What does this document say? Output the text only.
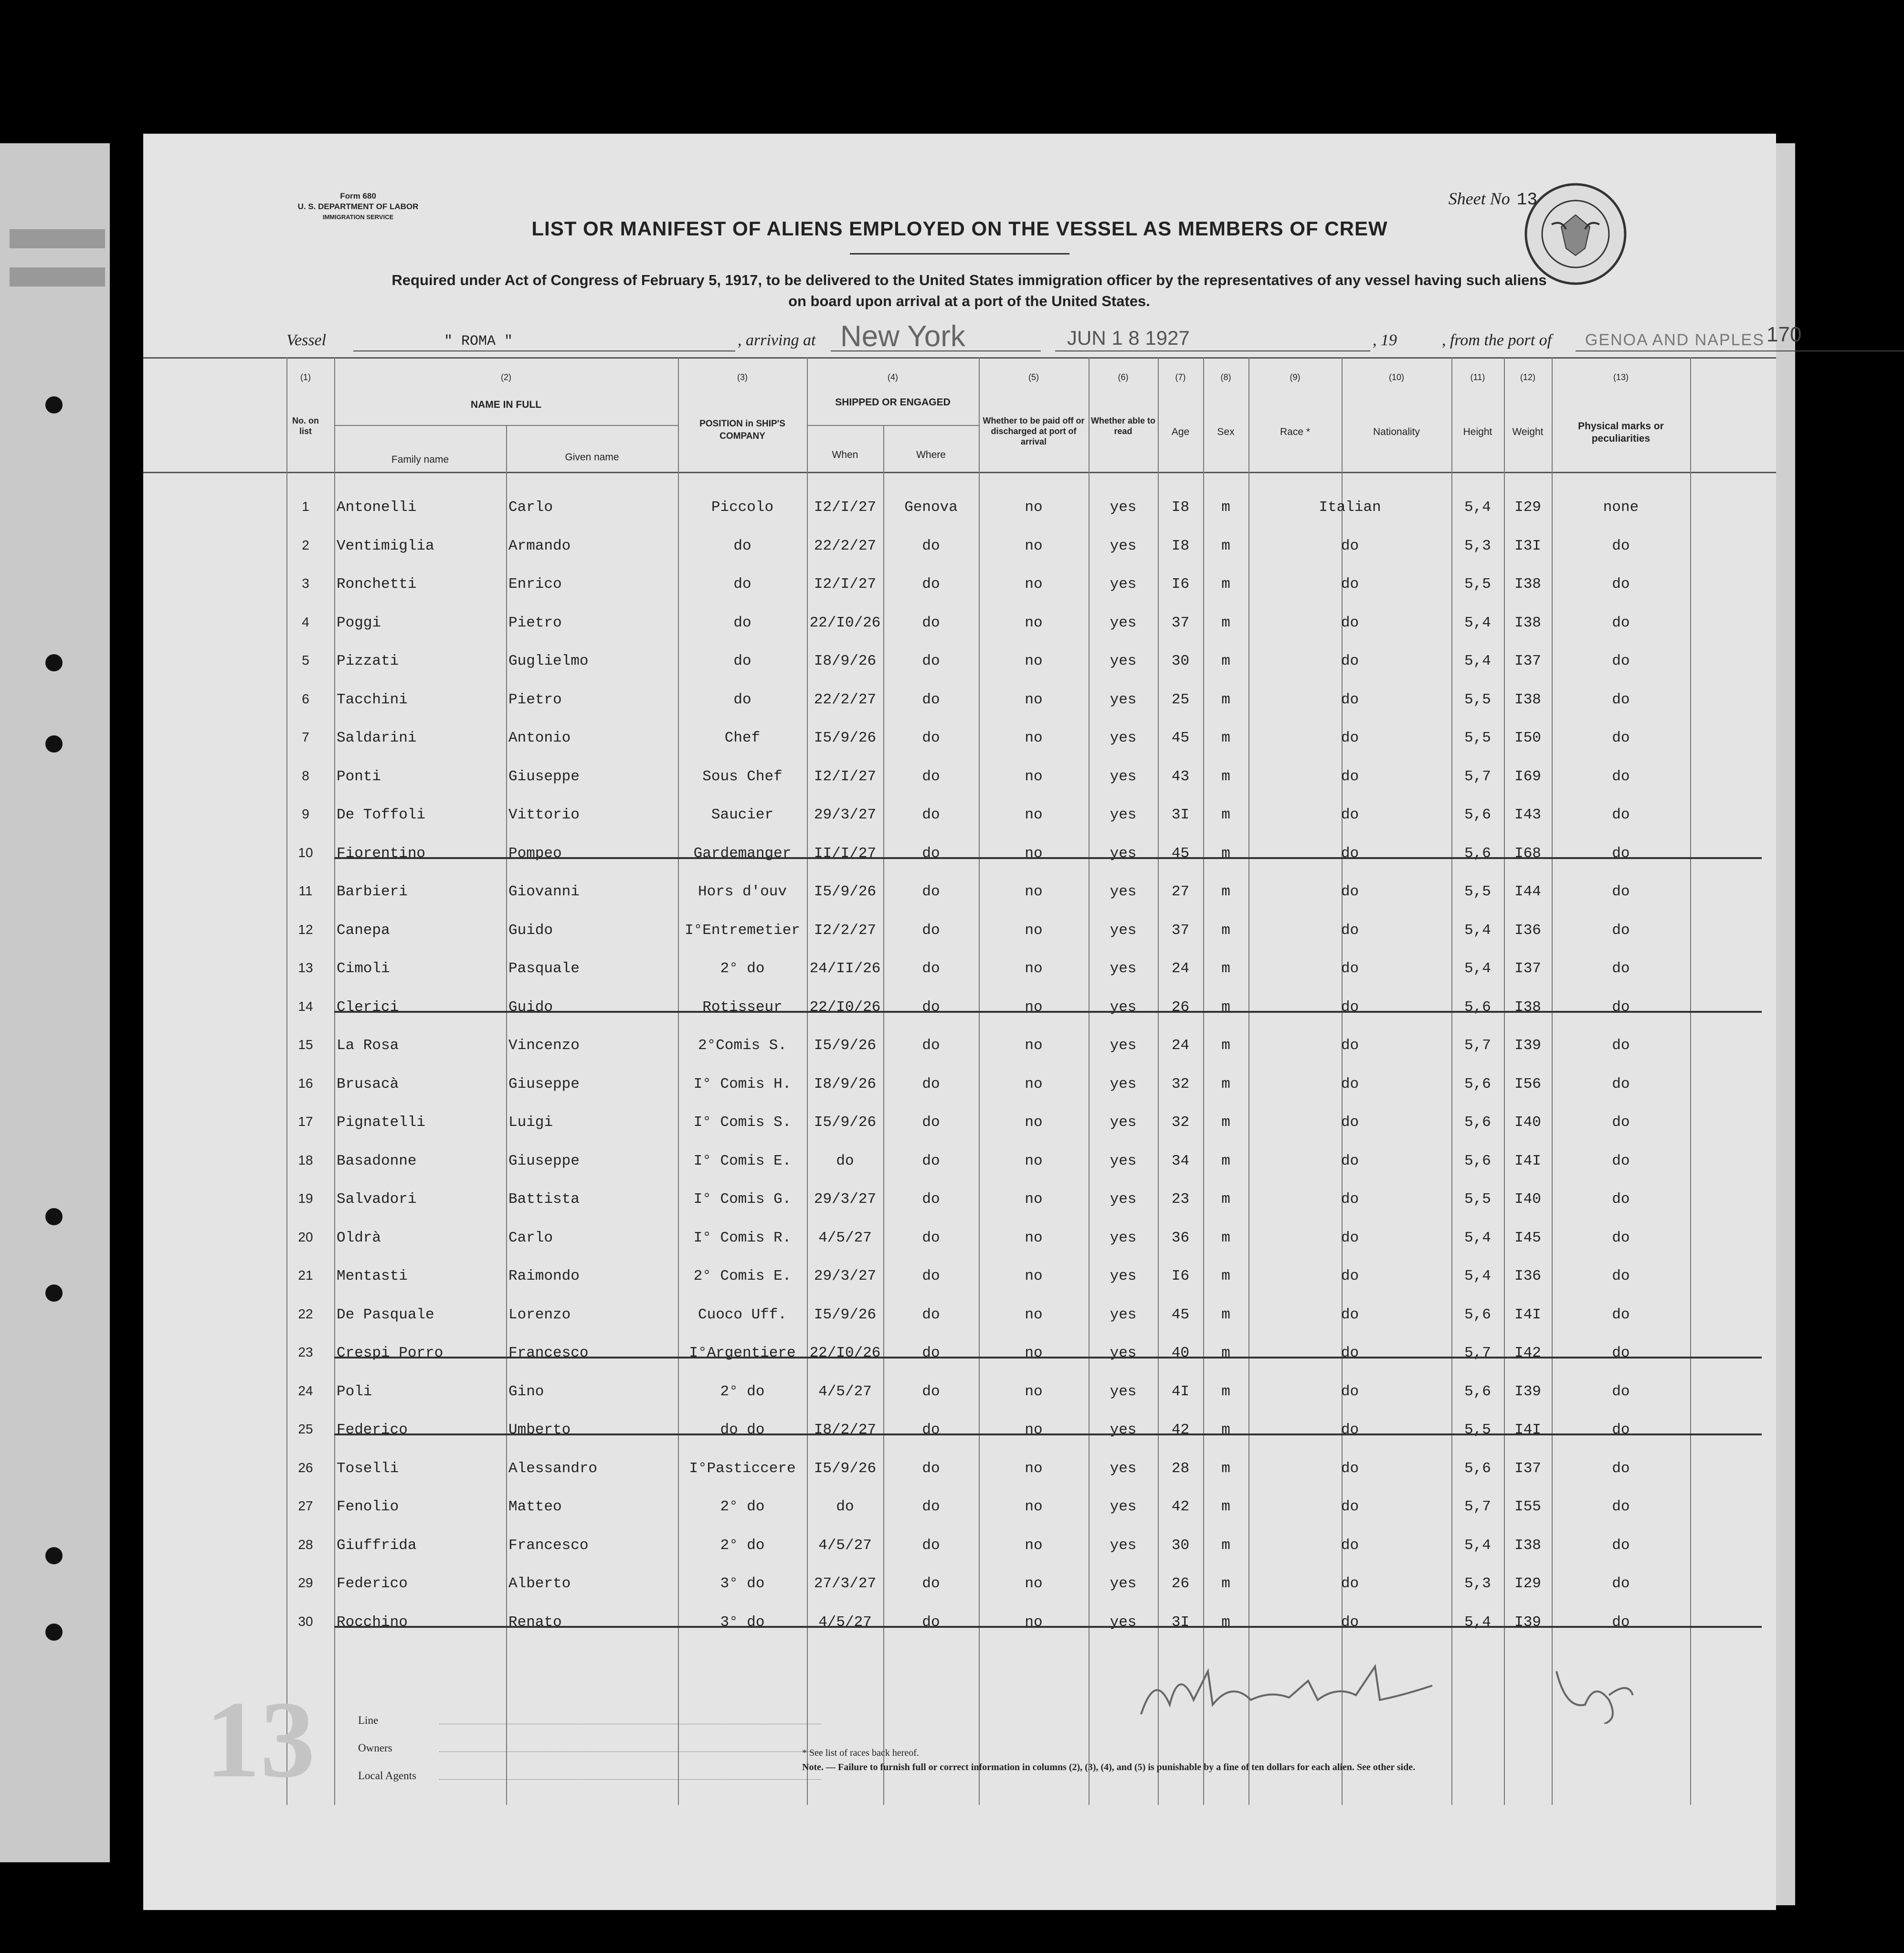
Form 680
U. S. DEPARTMENT OF LABOR
IMMIGRATION SERVICE
Sheet No 13
LIST OR MANIFEST OF ALIENS EMPLOYED ON THE VESSEL AS MEMBERS OF CREW
Required under Act of Congress of February 5, 1917, to be delivered to the United States immigration officer by the representatives of any vessel having such aliens
on board upon arrival at a port of the United States.
Vessel	" ROMA "	, arriving at New York	JUN 1 8 1927	, 19	, from the port of GENOA AND NAPLES 170
(1)	(2)	(3)	(4)	(5)	(6)	(7)	(8)	(9)	(10)	(11)	(12)	(13)
No. on list
NAME IN FULL
Family name	Given name
POSITION in SHIP'S COMPANY
SHIPPED OR ENGAGED
When	Where
Whether to be paid off or discharged at port of arrival
Whether able to read	Age	Sex	Race *	Nationality	Height	Weight
Physical marks or peculiarities
1	Antonelli	Carlo	Piccolo	I2/I/27	Genova	no	yes	I8	m	Italian	5,4	I29	none
2	Ventimiglia	Armando	do	22/2/27	do	no	yes	I8	m	do	5,3	I3I	do
3	Ronchetti	Enrico	do	I2/I/27	do	no	yes	I6	m	do	5,5	I38	do
4	Poggi	Pietro	do	22/I0/26	do	no	yes	37	m	do	5,4	I38	do
5	Pizzati	Guglielmo	do	I8/9/26	do	no	yes	30	m	do	5,4	I37	do
6	Tacchini	Pietro	do	22/2/27	do	no	yes	25	m	do	5,5	I38	do
7	Saldarini	Antonio	Chef	I5/9/26	do	no	yes	45	m	do	5,5	I50	do
8	Ponti	Giuseppe	Sous Chef	I2/I/27	do	no	yes	43	m	do	5,7	I69	do
9	De Toffoli	Vittorio	Saucier	29/3/27	do	no	yes	3I	m	do	5,6	I43	do
10	Fiorentino	Pompeo	Gardemanger	II/I/27	do	no	yes	45	m	do	5,6	I68	do
11	Barbieri	Giovanni	Hors d'ouv	I5/9/26	do	no	yes	27	m	do	5,5	I44	do
12	Canepa	Guido	I°Entremetier I2/2/27	do	no	yes	37	m	do	5,4	I36	do
13	Cimoli	Pasquale	2° do	24/II/26	do	no	yes	24	m	do	5,4	I37	do
14	Clerici	Guido	Rotisseur	22/I0/26	do	no	yes	26	m	do	5,6	I38	do
15	La Rosa	Vincenzo	2°Comis S.	I5/9/26	do	no	yes	24	m	do	5,7	I39	do
16	Brusacà	Giuseppe	I° Comis H.	I8/9/26	do	no	yes	32	m	do	5,6	I56	do
17	Pignatelli	Luigi	I° Comis S.	I5/9/26	do	no	yes	32	m	do	5,6	I40	do
18	Basadonne	Giuseppe	I° Comis E.	do	do	no	yes	34	m	do	5,6	I4I	do
19	Salvadori	Battista	I° Comis G.	29/3/27	do	no	yes	23	m	do	5,5	I40	do
20	Oldrà	Carlo	I° Comis R.	4/5/27	do	no	yes	36	m	do	5,4	I45	do
21	Mentasti	Raimondo	2° Comis E.	29/3/27	do	no	yes	I6	m	do	5,4	I36	do
22	De Pasquale	Lorenzo	Cuoco Uff.	I5/9/26	do	no	yes	45	m	do	5,6	I4I	do
23	Crespi Porro	Francesco	I°Argentiere 22/I0/26	do	no	yes	40	m	do	5,7	I42	do
24	Poli	Gino	2° do	4/5/27	do	no	yes	4I	m	do	5,6	I39	do
25	Federico	Umberto	do do	I8/2/27	do	no	yes	42	m	do	5,5	I4I	do
26	Toselli	Alessandro	I°Pasticcere	I5/9/26	do	no	yes	28	m	do	5,6	I37	do
27	Fenolio	Matteo	2° do	do	do	no	yes	42	m	do	5,7	I55	do
28	Giuffrida	Francesco	2° do	4/5/27	do	no	yes	30	m	do	5,4	I38	do
29	Federico	Alberto	3° do	27/3/27	do	no	yes	26	m	do	5,3	I29	do
30	Rocchino	Renato	3° do	4/5/27	do	no	yes	3I	m	do	5,4	I39	do
13	Line
Owners
Local Agents
* See list of races back hereof.
Note. — Failure to furnish full or correct information in columns (2), (3), (4), and (5) is punishable by a fine of ten dollars for each alien. See other side.
